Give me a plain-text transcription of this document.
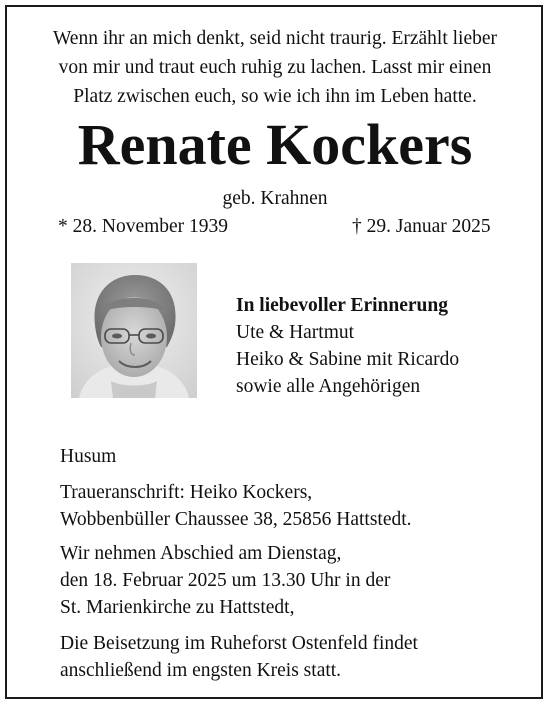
Wenn ihr an mich denkt, seid nicht traurig. Erzählt lieber
von mir und traut euch ruhig zu lachen. Lasst mir einen
Platz zwischen euch, so wie ich ihn im Leben hatte.
Renate Kockers
geb. Krahnen
* 28. November 1939	† 29. Januar 2025
In liebevoller Erinnerung
Ute & Hartmut
Heiko & Sabine mit Ricardo
sowie alle Angehörigen
Husum
Traueranschrift: Heiko Kockers,
Wobbenbüller Chaussee 38, 25856 Hattstedt.
Wir nehmen Abschied am Dienstag,
den 18. Februar 2025 um 13.30 Uhr in der
St. Marienkirche zu Hattstedt,
Die Beisetzung im Ruheforst Ostenfeld findet
anschließend im engsten Kreis statt.
